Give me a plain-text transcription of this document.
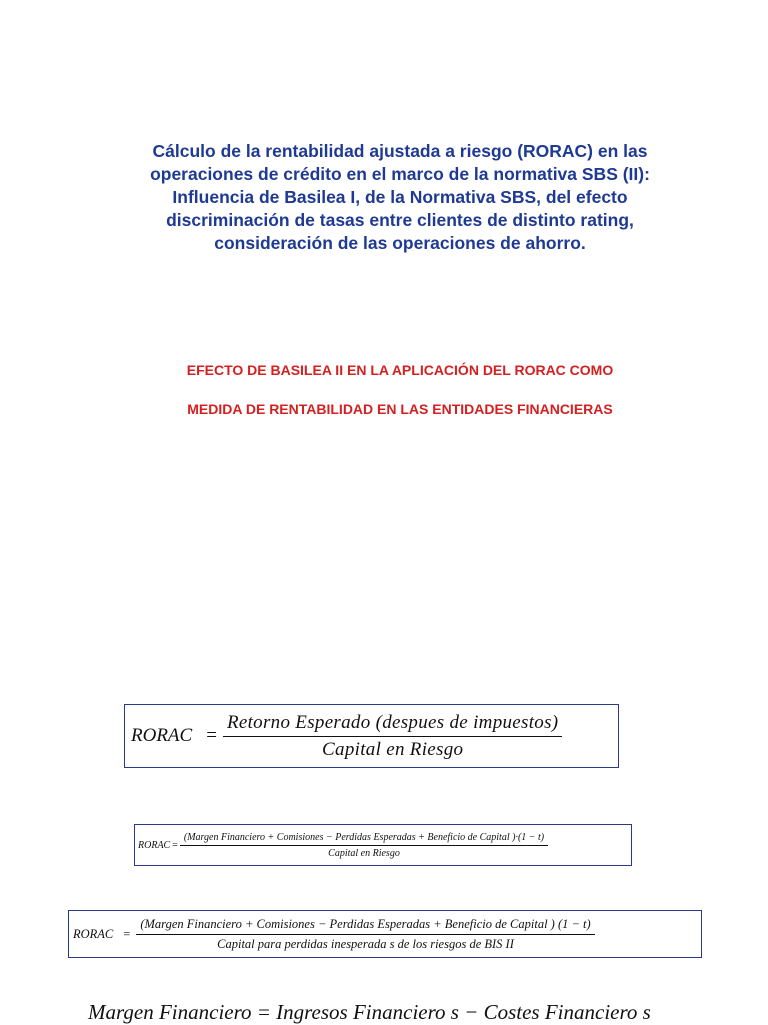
Cálculo de la rentabilidad ajustada a riesgo (RORAC) en las
operaciones de crédito en el marco de la normativa SBS (II):
Influencia de Basilea I, de la Normativa SBS, del efecto
discriminación de tasas entre clientes de distinto rating,
consideración de las operaciones de ahorro.
EFECTO DE BASILEA II EN LA APLICACIÓN DEL RORAC COMO
MEDIDA DE RENTABILIDAD EN LAS ENTIDADES FINANCIERAS
RORAC = $\frac{\text{Retorno Esperado (despues de impuestos)}}{\text{Capital en Riesgo}}$
RORAC =
(Margen Financiero + Comisiones − Perdidas Esperadas + Beneficio de Capital )·(1 − t)
Capital en Riesgo
RORAC =
(Margen Financiero + Comisiones − Perdidas Esperadas + Beneficio de Capital ) (1 − t)
Capital para perdidas inesperada s de los riesgos de BIS II
Margen Financiero = Ingresos Financiero s − Costes Financiero s
